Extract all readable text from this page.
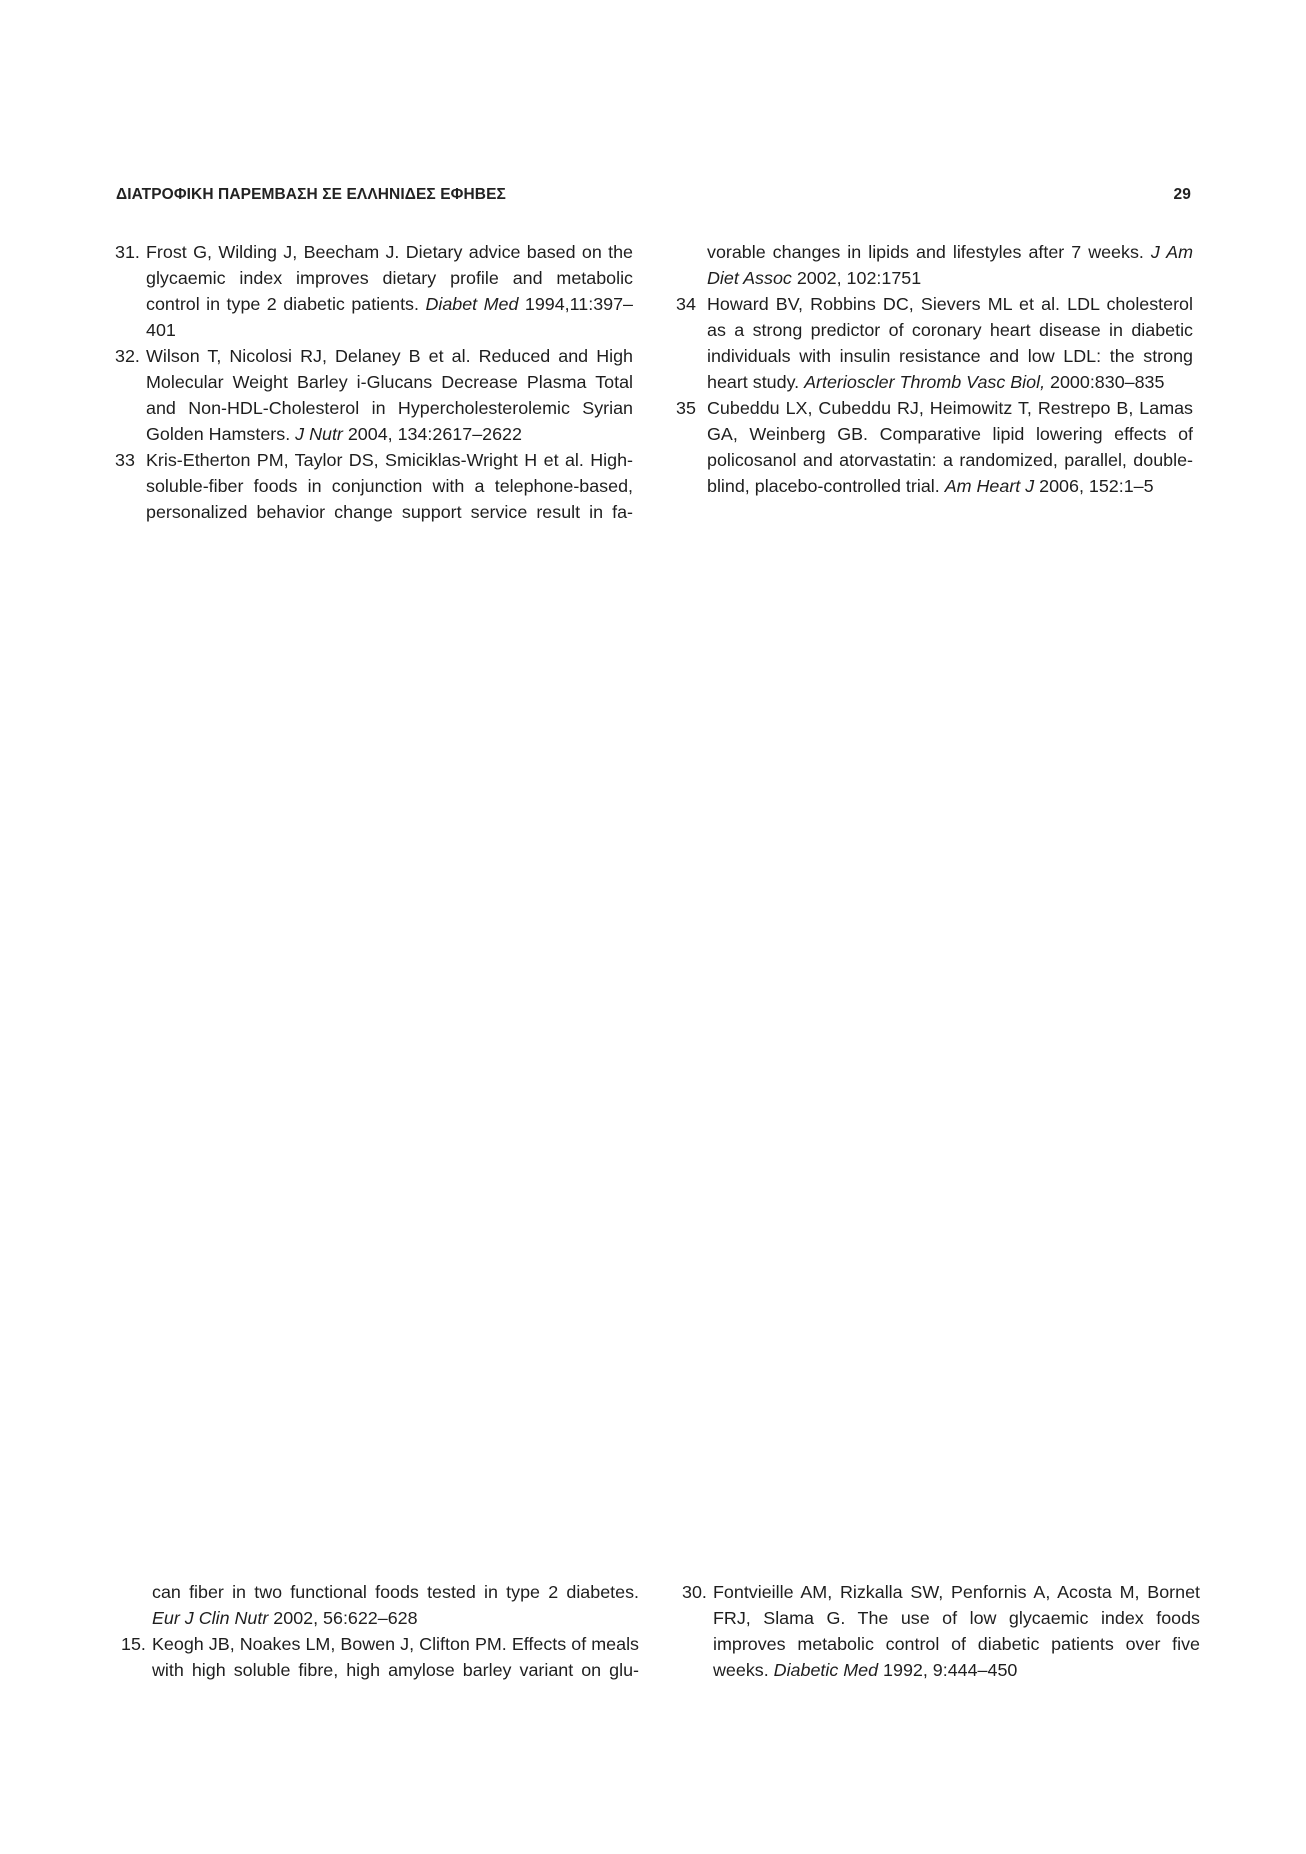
ΔΙΑΤΡΟΦΙΚΗ ΠΑΡΕΜΒΑΣΗ ΣΕ ΕΛΛΗΝΙΔΕΣ ΕΦΗΒΕΣ	29
31. Frost G, Wilding J, Beecham J. Dietary advice based on the glycaemic index improves dietary profile and metabolic control in type 2 diabetic patients. Diabet Med 1994,11:397–401
32. Wilson T, Nicolosi RJ, Delaney B et al. Reduced and High Molecular Weight Barley i-Glucans Decrease Plasma Total and Non-HDL-Cholesterol in Hypercholesterolemic Syrian Golden Hamsters. J Nutr 2004, 134:2617–2622
33 Kris-Etherton PM, Taylor DS, Smiciklas-Wright H et al. High-soluble-fiber foods in conjunction with a telephone-based, personalized behavior change support service result in fa-
vorable changes in lipids and lifestyles after 7 weeks. J Am Diet Assoc 2002, 102:1751
34 Howard BV, Robbins DC, Sievers ML et al. LDL cholesterol as a strong predictor of coronary heart disease in diabetic individuals with insulin resistance and low LDL: the strong heart study. Arterioscler Thromb Vasc Biol, 2000:830–835
35 Cubeddu LX, Cubeddu RJ, Heimowitz T, Restrepo B, Lamas GA, Weinberg GB. Comparative lipid lowering effects of policosanol and atorvastatin: a randomized, parallel, double-blind, placebo-controlled trial. Am Heart J 2006, 152:1–5
can fiber in two functional foods tested in type 2 diabetes. Eur J Clin Nutr 2002, 56:622–628
15. Keogh JB, Noakes LM, Bowen J, Clifton PM. Effects of meals with high soluble fibre, high amylose barley variant on glu-
30. Fontvieille AM, Rizkalla SW, Penfornis A, Acosta M, Bornet FRJ, Slama G. The use of low glycaemic index foods improves metabolic control of diabetic patients over five weeks. Diabetic Med 1992, 9:444–450
